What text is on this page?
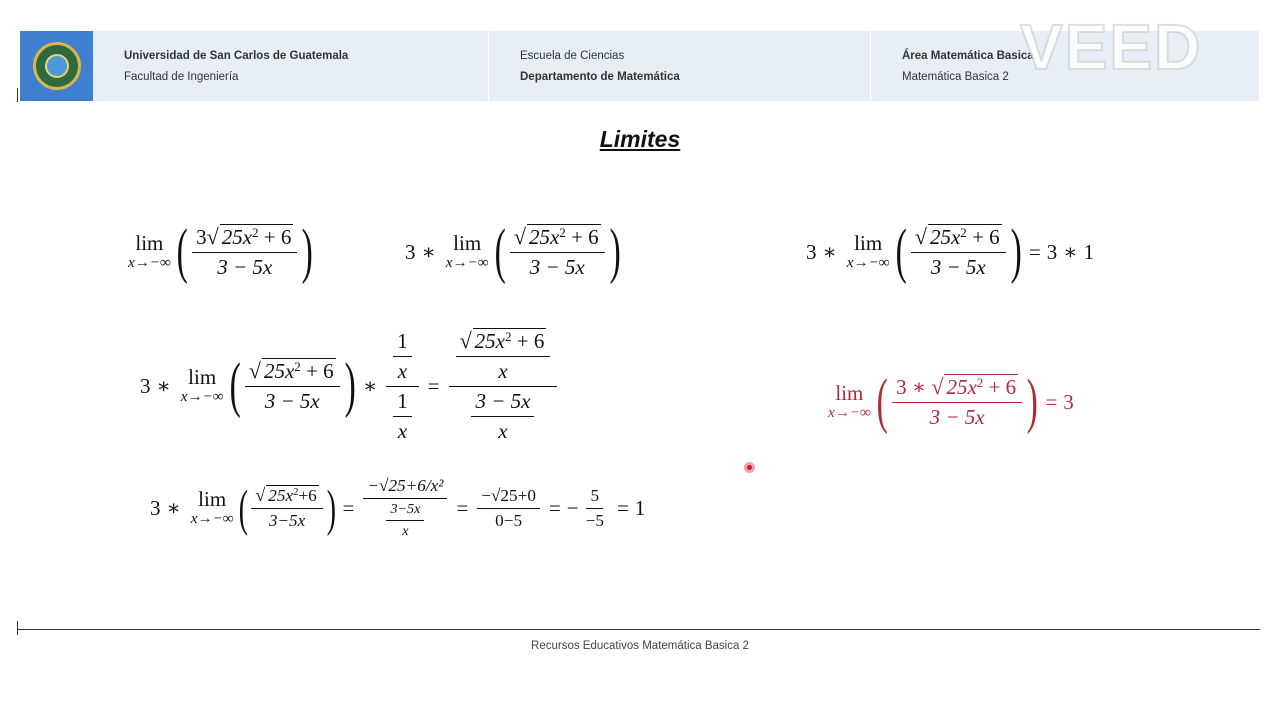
Universidad de San Carlos de Guatemala
Facultad de Ingeniería
Escuela de Ciencias
Departamento de Matemática
Área Matemática Basica
Matemática Basica 2 VEED
Limites
lim
x→−∞ ( $\frac{3 √ 25x^2 + 6}{3 - 5x}$ )	3 ∗ lim
x→−∞ ( $\frac{√ 25x^2 + 6}{3 - 5x}$ )	3 ∗ lim
x→−∞ ( $\frac{√ 25x^2 + 6}{3 - 5x}$ ) = 3 ∗ 1
3 ∗ lim
x→−∞ ( $\frac{√ 25x^2 + 6}{3 - 5x}$ ) ∗ $\frac{\frac{1}{x}}{\frac{1}{x}} = \frac{\frac{√ 25x^2 + 6}{x}}{\frac{3 - 5x}{x}}$	lim
x→−∞ ( $\frac{3 ∗ √ 25x^2 + 6}{3 - 5x}$ ) = 3
3 ∗ lim
x→−∞ ( $\frac{√ 25x^2+6}{3-5x}$ ) = $\frac{\text{−√25+6/x²}}{\frac{3-5x}{x}} = \frac{-√25+0}{0-5}$ = − $\frac{5}{-5} = 1$
Recursos Educativos Matemática Basica 2
